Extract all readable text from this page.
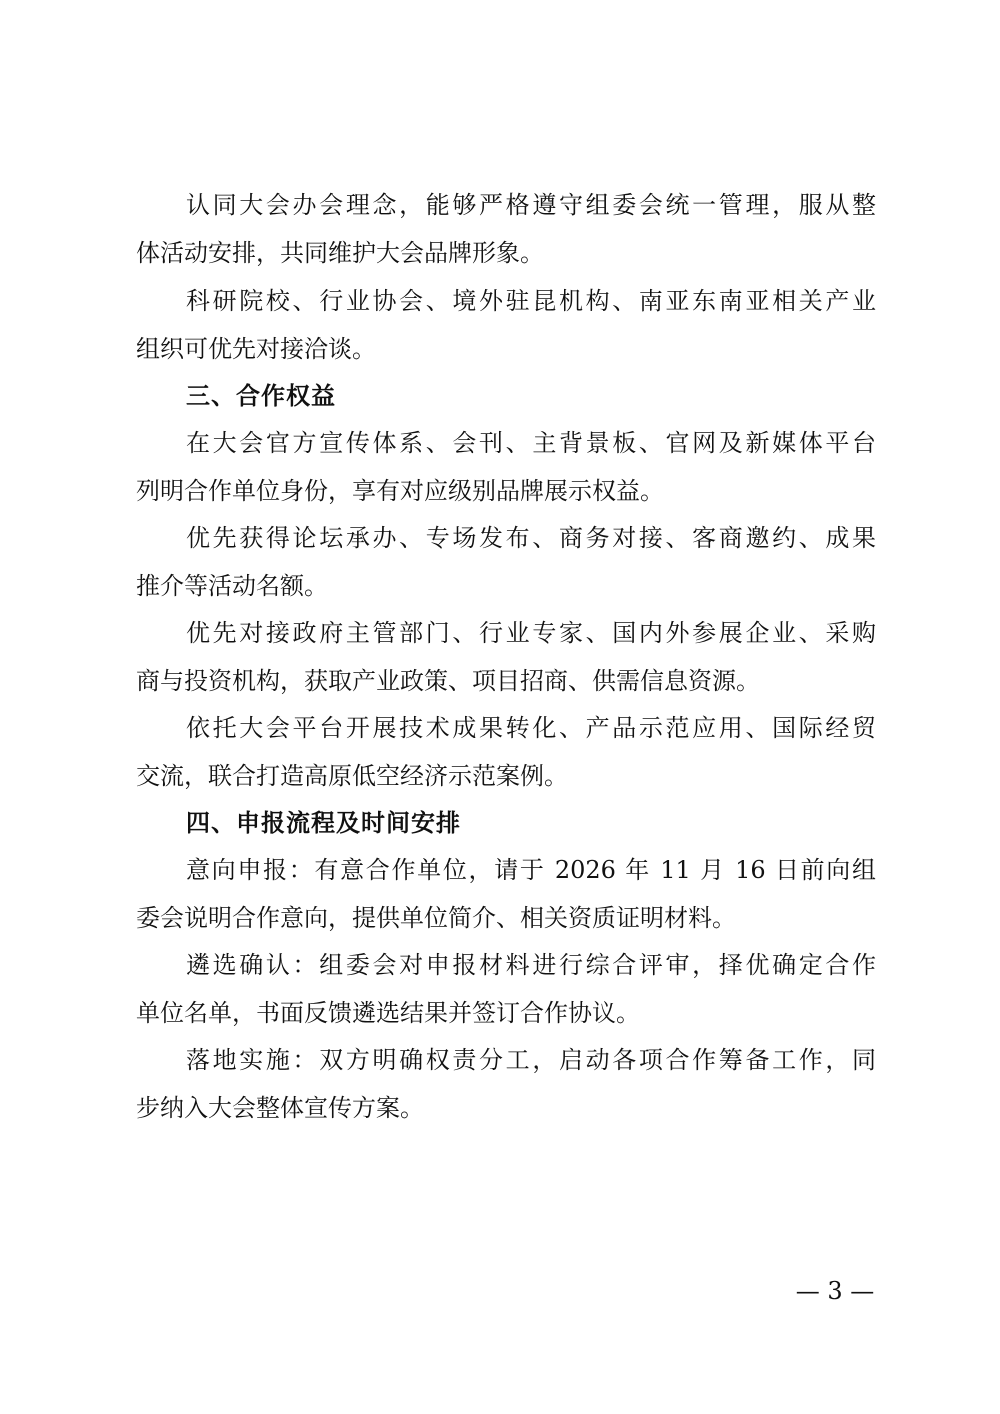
认同大会办会理念，能够严格遵守组委会统一管理，服从整
体活动安排，共同维护大会品牌形象。
科研院校、行业协会、境外驻昆机构、南亚东南亚相关产业
组织可优先对接洽谈。
三、合作权益
在大会官方宣传体系、会刊、主背景板、官网及新媒体平台
列明合作单位身份，享有对应级别品牌展示权益。
优先获得论坛承办、专场发布、商务对接、客商邀约、成果
推介等活动名额。
优先对接政府主管部门、行业专家、国内外参展企业、采购
商与投资机构，获取产业政策、项目招商、供需信息资源。
依托大会平台开展技术成果转化、产品示范应用、国际经贸
交流，联合打造高原低空经济示范案例。
四、申报流程及时间安排
意向申报：有意合作单位，请于 2026 年 11 月 16 日前向组
委会说明合作意向，提供单位简介、相关资质证明材料。
遴选确认：组委会对申报材料进行综合评审，择优确定合作
单位名单，书面反馈遴选结果并签订合作协议。
落地实施：双方明确权责分工，启动各项合作筹备工作，同
步纳入大会整体宣传方案。
— 3 —
